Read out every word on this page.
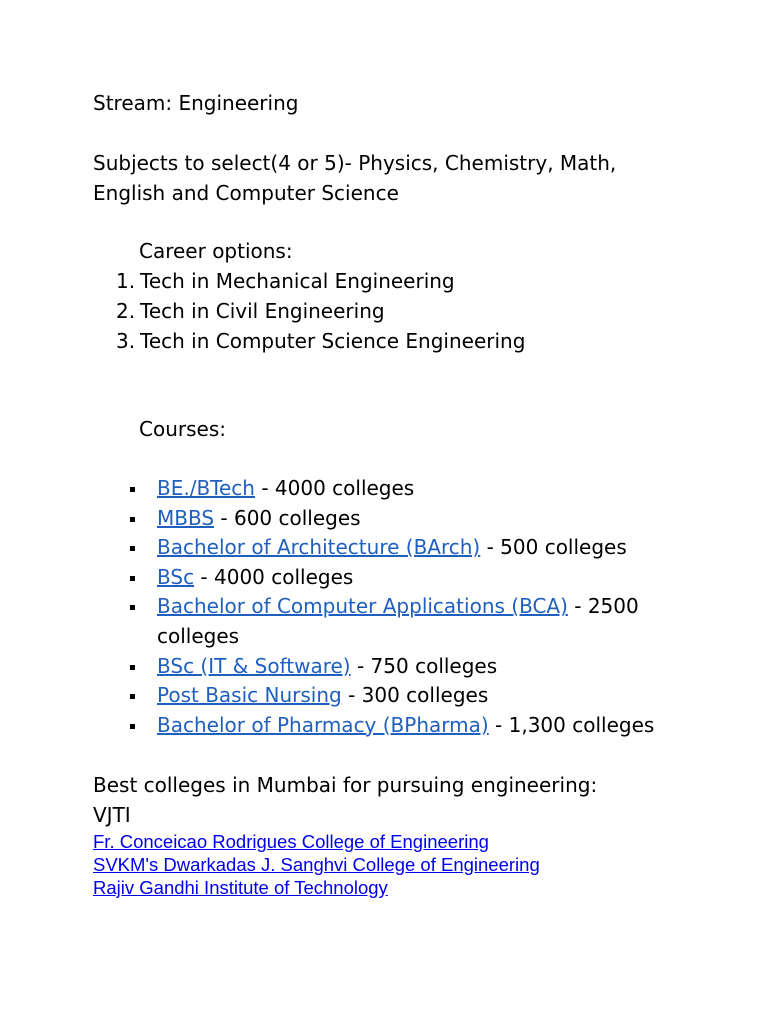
Stream: Engineering
Subjects to select(4 or 5)- Physics, Chemistry, Math,
English and Computer Science
Career options:
1. Tech in Mechanical Engineering
2. Tech in Civil Engineering
3. Tech in Computer Science Engineering
Courses:
BE./BTech - 4000 colleges
MBBS - 600 colleges
Bachelor of Architecture (BArch) - 500 colleges
BSc - 4000 colleges
Bachelor of Computer Applications (BCA) - 2500 colleges
BSc (IT & Software) - 750 colleges
Post Basic Nursing - 300 colleges
Bachelor of Pharmacy (BPharma) - 1,300 colleges
Best colleges in Mumbai for pursuing engineering:
VJTI
Fr. Conceicao Rodrigues College of Engineering
SVKM's Dwarkadas J. Sanghvi College of Engineering
Rajiv Gandhi Institute of Technology
